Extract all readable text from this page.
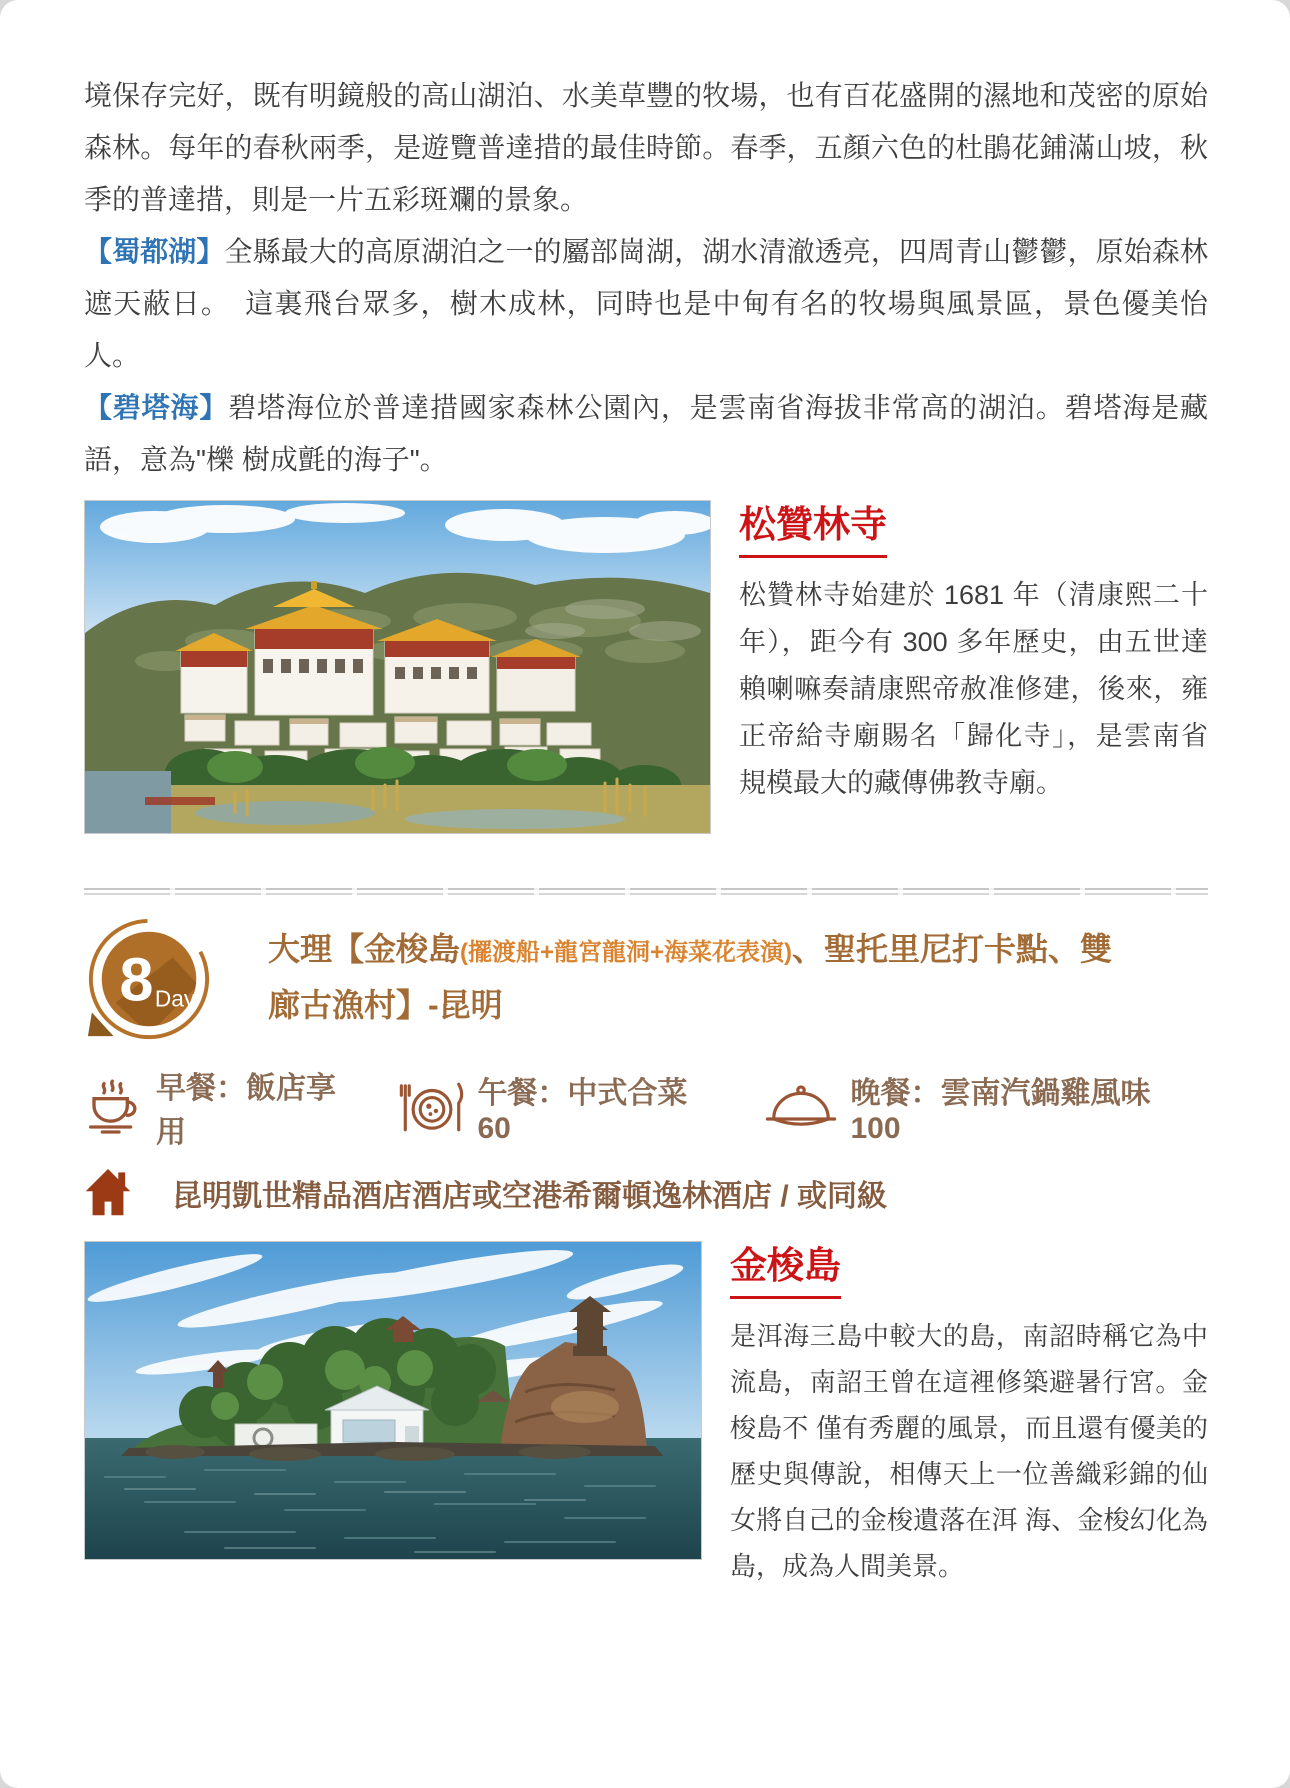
境保存完好，既有明鏡般的高山湖泊、水美草豐的牧場，也有百花盛開的濕地和茂密的原始森林。每年的春秋兩季，是遊覽普達措的最佳時節。春季，五顏六色的杜鵑花鋪滿山坡，秋季的普達措，則是一片五彩斑斕的景象。

【蜀都湖】全縣最大的高原湖泊之一的屬部崗湖，湖水清澈透亮，四周青山鬱鬱，原始森林遮天蔽日。　這裏飛台眾多，樹木成林，同時也是中甸有名的牧場與風景區，景色優美怡人。

【碧塔海】碧塔海位於普達措國家森林公園內，是雲南省海拔非常高的湖泊。碧塔海是藏語，意為"櫟 樹成氈的海子"。

松贊林寺

松贊林寺始建於 1681 年（清康熙二十年），距今有 300 多年歷史，由五世達賴喇嘛奏請康熙帝赦准修建，後來，雍正帝給寺廟賜名「歸化寺」，是雲南省規模最大的藏傳佛教寺廟。

8 Day
大理【金梭島(擺渡船+龍宮龍洞+海菜花表演)、聖托里尼打卡點、雙廊古漁村】-昆明
早餐：飯店享用
午餐：中式合菜 60
晚餐：雲南汽鍋雞風味 100
昆明凱世精品酒店酒店或空港希爾頓逸林酒店 / 或同級
金梭島

是洱海三島中較大的島，南詔時稱它為中流島，南詔王曾在這裡修築避暑行宮。金梭島不 僅有秀麗的風景，而且還有優美的歷史與傳說，相傳天上一位善織彩錦的仙女將自己的金梭遺落在洱 海、金梭幻化為島，成為人間美景。
